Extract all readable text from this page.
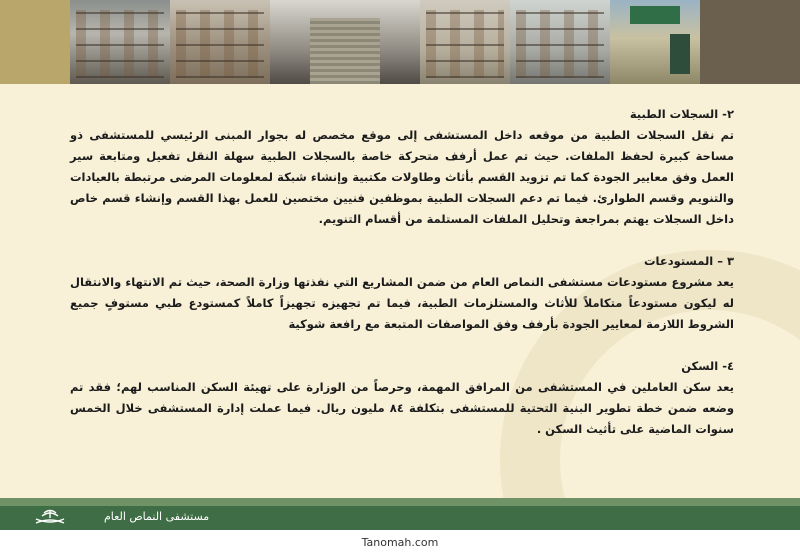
٢- السجلات الطبية

تم نقل السجلات الطبية من موقعه داخل المستشفى إلى موقع مخصص له بجوار المبنى الرئيسي للمستشفى ذو مساحة كبيرة لحفظ الملفات. حيث تم عمل أرفف متحركة خاصة بالسجلات الطبية سهلة النقل تفعيل ومتابعة سير العمل وفق معايير الجودة كما تم تزويد القسم بأثاث وطاولات مكتبية وإنشاء شبكة لمعلومات المرضى مرتبطة بالعيادات والتنويم وقسم الطوارئ. فيما تم دعم السجلات الطبية بموظفين فنيين مختصين للعمل بهذا القسم وإنشاء قسم خاص داخل السجلات يهتم بمراجعة وتحليل الملفات المستلمة من أقسام التنويم.

٣ – المستودعات

يعد مشروع مستودعات مستشفى النماص العام من ضمن المشاريع التي نفذتها وزارة الصحة، حيث تم الانتهاء والانتقال له ليكون مستودعاً متكاملاً للأثاث والمستلزمات الطبية، فيما تم تجهيزه تجهيزاً كاملاً كمستودع طبي مستوفٍ جميع الشروط اللازمة لمعايير الجودة بأرفف وفق المواصفات المتبعة مع رافعة شوكية

٤- السكن

يعد سكن العاملين في المستشفى من المرافق المهمة، وحرصاً من الوزارة على تهيئة السكن المناسب لهم؛ فقد تم وضعه ضمن خطة تطوير البنية التحتية للمستشفى بتكلفة ٨٤ مليون ريال. فيما عملت إدارة المستشفى خلال الخمس سنوات الماضية على تأثيث السكن .

مستشفى النماص العام
Tanomah.com
